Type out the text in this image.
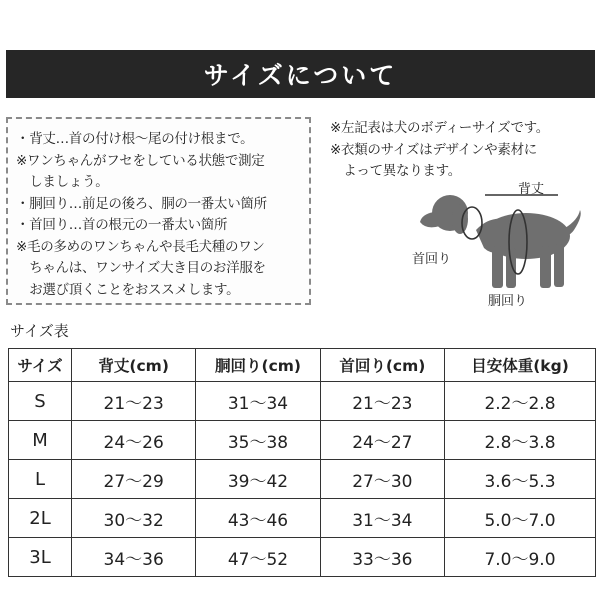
サイズについて
・背丈…首の付け根〜尾の付け根まで。
※ワンちゃんがフセをしている状態で測定
　しましょう。
・胴回り…前足の後ろ、胴の一番太い箇所
・首回り…首の根元の一番太い箇所
※毛の多めのワンちゃんや長毛犬種のワン
　ちゃんは、ワンサイズ大き目のお洋服を
　お選び頂くことをおススメします。
※左記表は犬のボディーサイズです。
※衣類のサイズはデザインや素材に
　よって異なります。
背丈
首回り
胴回り
サイズ表
サイズ	背丈(cm)	胴回り(cm)	首回り(cm)	目安体重(kg)
S	21〜23	31〜34	21〜23	2.2〜2.8
M	24〜26	35〜38	24〜27	2.8〜3.8
L	27〜29	39〜42	27〜30	3.6〜5.3
2L	30〜32	43〜46	31〜34	5.0〜7.0
3L	34〜36	47〜52	33〜36	7.0〜9.0
